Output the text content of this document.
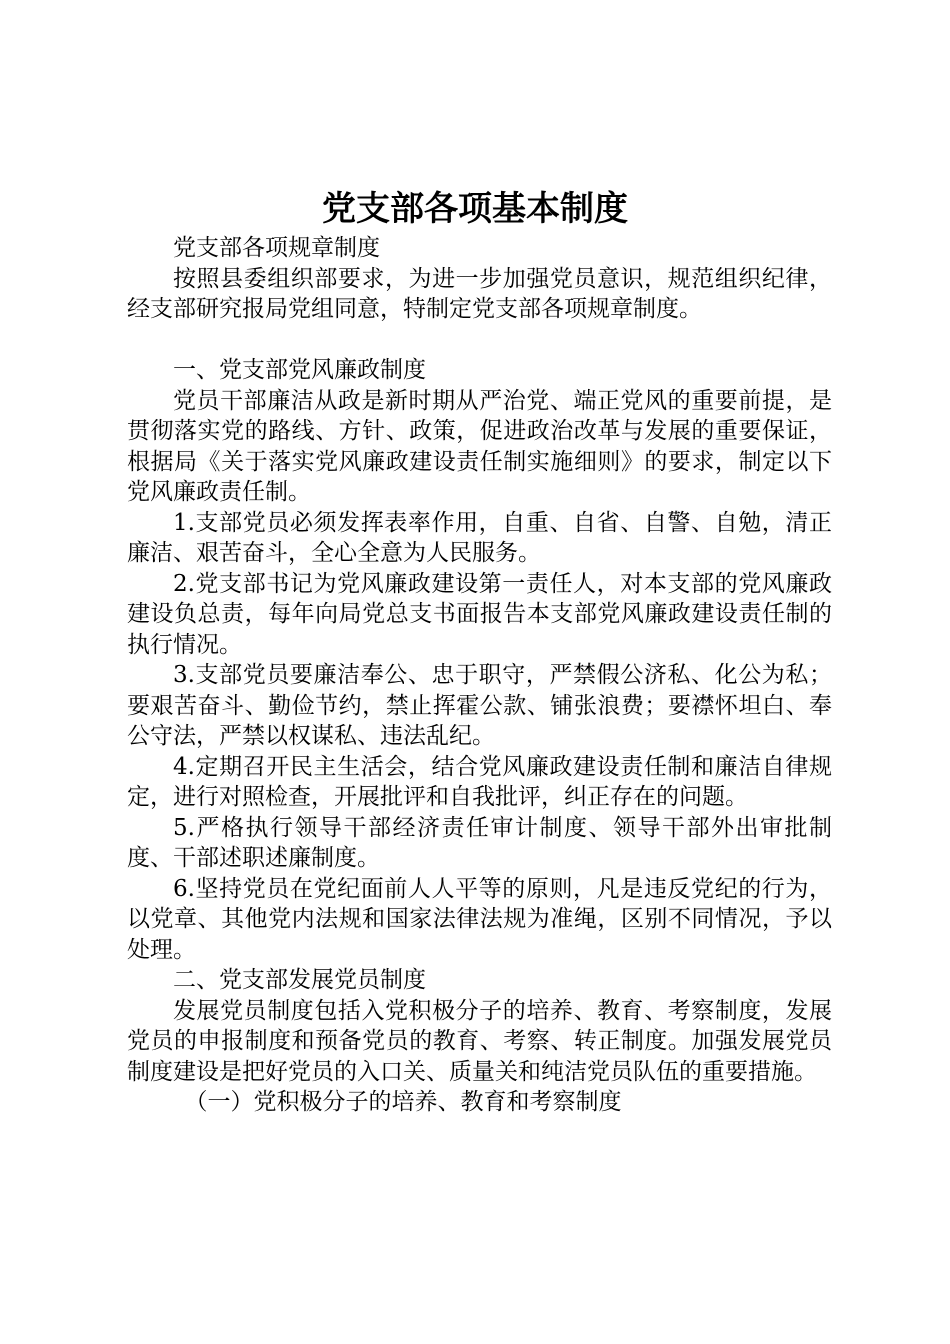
党支部各项基本制度

党支部各项规章制度

按照县委组织部要求，为进一步加强党员意识，规范组织纪律，经支部研究报局党组同意，特制定党支部各项规章制度。

一、党支部党风廉政制度

党员干部廉洁从政是新时期从严治党、端正党风的重要前提，是贯彻落实党的路线、方针、政策，促进政治改革与发展的重要保证，根据局《关于落实党风廉政建设责任制实施细则》的要求，制定以下党风廉政责任制。

1.支部党员必须发挥表率作用，自重、自省、自警、自勉，清正廉洁、艰苦奋斗，全心全意为人民服务。

2.党支部书记为党风廉政建设第一责任人，对本支部的党风廉政建设负总责，每年向局党总支书面报告本支部党风廉政建设责任制的执行情况。

3.支部党员要廉洁奉公、忠于职守，严禁假公济私、化公为私；要艰苦奋斗、勤俭节约，禁止挥霍公款、铺张浪费；要襟怀坦白、奉公守法，严禁以权谋私、违法乱纪。

4.定期召开民主生活会，结合党风廉政建设责任制和廉洁自律规定，进行对照检查，开展批评和自我批评，纠正存在的问题。

5.严格执行领导干部经济责任审计制度、领导干部外出审批制度、干部述职述廉制度。

6.坚持党员在党纪面前人人平等的原则，凡是违反党纪的行为，以党章、其他党内法规和国家法律法规为准绳，区别不同情况，予以处理。

二、党支部发展党员制度

发展党员制度包括入党积极分子的培养、教育、考察制度，发展党员的申报制度和预备党员的教育、考察、转正制度。加强发展党员制度建设是把好党员的入口关、质量关和纯洁党员队伍的重要措施。

（一）党积极分子的培养、教育和考察制度
